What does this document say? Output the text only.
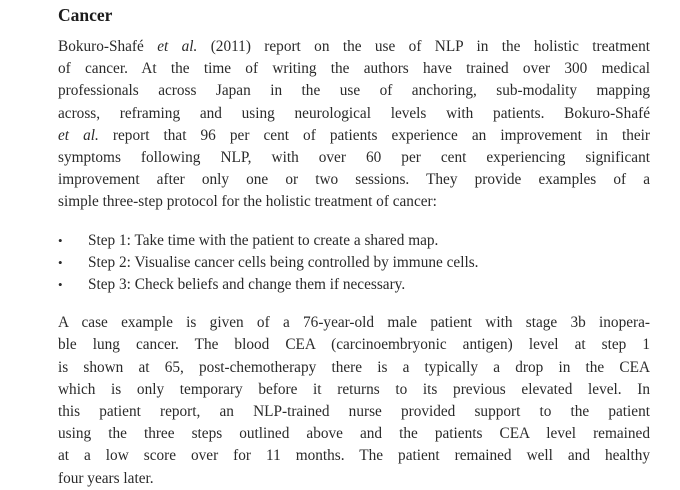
Cancer

Bokuro-Shafé et al. (2011) report on the use of NLP in the holistic treatment
of cancer. At the time of writing the authors have trained over 300 medical
professionals across Japan in the use of anchoring, sub-modality mapping
across, reframing and using neurological levels with patients. Bokuro-Shafé
et al. report that 96 per cent of patients experience an improvement in their
symptoms following NLP, with over 60 per cent experiencing significant
improvement after only one or two sessions. They provide examples of a
simple three-step protocol for the holistic treatment of cancer:

• Step 1: Take time with the patient to create a shared map.
• Step 2: Visualise cancer cells being controlled by immune cells.
• Step 3: Check beliefs and change them if necessary.

A case example is given of a 76-year-old male patient with stage 3b inopera-
ble lung cancer. The blood CEA (carcinoembryonic antigen) level at step 1
is shown at 65, post-chemotherapy there is a typically a drop in the CEA
which is only temporary before it returns to its previous elevated level. In
this patient report, an NLP-trained nurse provided support to the patient
using the three steps outlined above and the patients CEA level remained
at a low score over for 11 months. The patient remained well and healthy
four years later.
